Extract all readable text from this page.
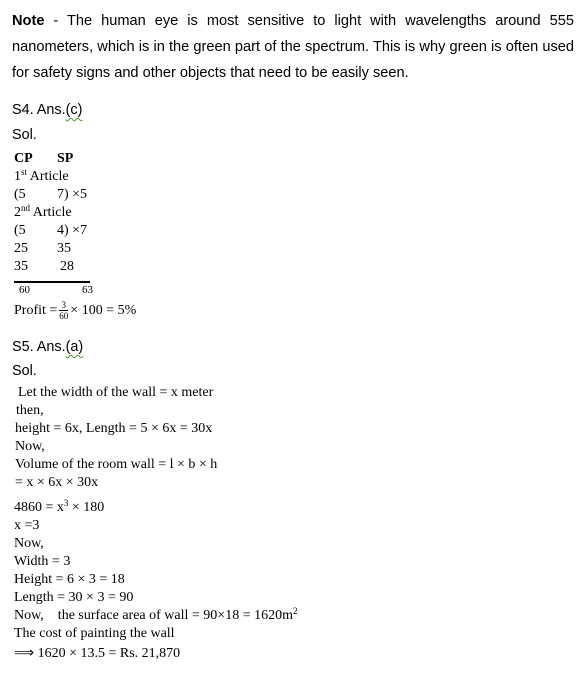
Note - The human eye is most sensitive to light with wavelengths around 555 nanometers, which is in the green part of the spectrum. This is why green is often used for safety signs and other objects that need to be easily seen.
S4. Ans.(c)
Sol.
CP SP
1st Article
(5 7) ×5
2nd Article
(5 4) ×7
25 35
35 28
60	63
Profit = $\frac{3}{60} \times 100 = 5\%$
S5. Ans.(a)
Sol.
Let the width of the wall = x meter
then,
height = 6x, Length = 5 × 6x = 30x
Now,
Volume of the room wall = l × b × h
= x × 6x × 30x
$4860 = x^3 \times 180$
x =3
Now,
Width = 3
Height = 6 × 3 = 18
Length = 30 × 3 = 90
Now,    the surface area of wall = $90\times 18 = 1620m^2$
The cost of painting the wall
⟹ 1620 × 13.5 = Rs. 21,870
